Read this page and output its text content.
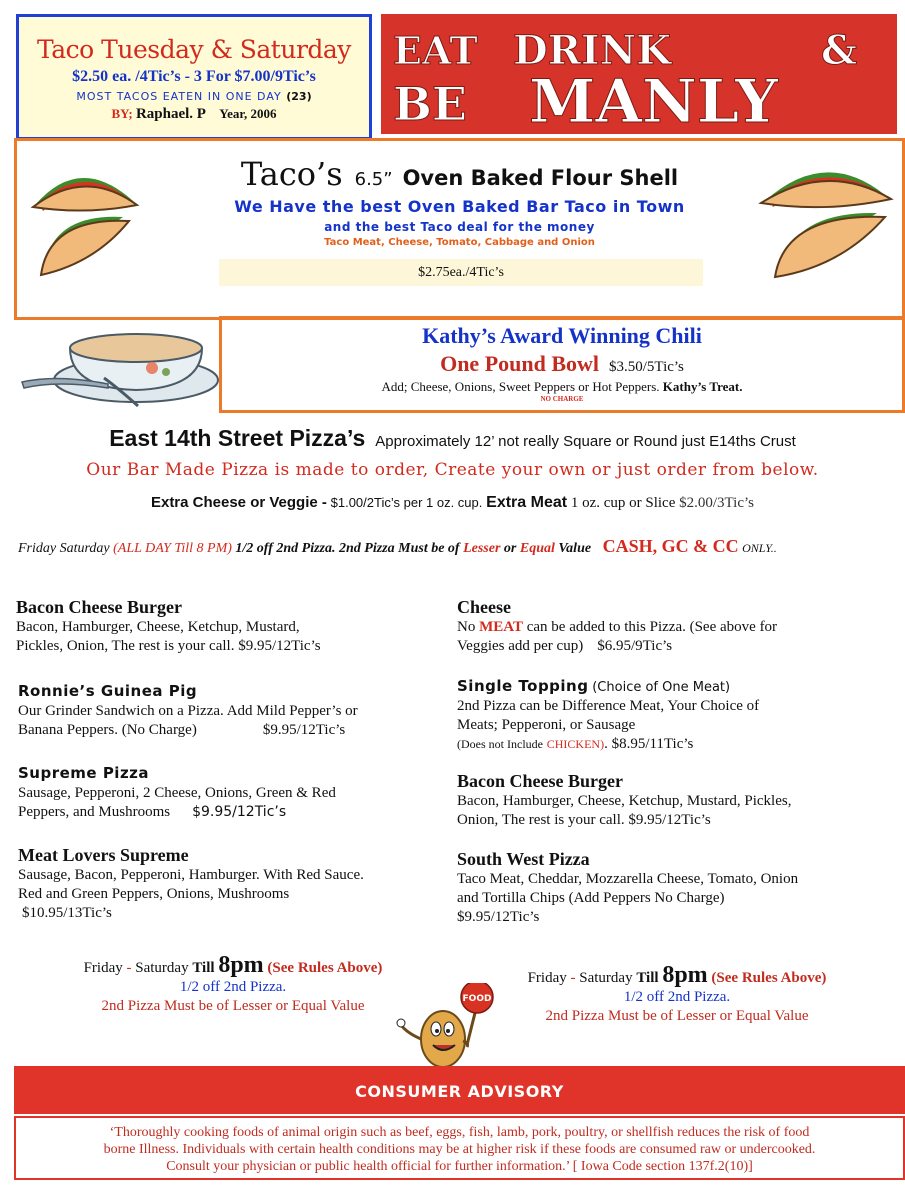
Taco Tuesday & Saturday
$2.50 ea. /4Tic’s - 3 For $7.00/9Tic’s
MOST TACOS EATEN IN ONE DAY (23)
BY; Raphael. P Year, 2006
EAT DRINK	&
BE MANLY
Taco’s 6.5” Oven Baked Flour Shell
We Have the best Oven Baked Bar Taco in Town
and the best Taco deal for the money
Taco Meat, Cheese, Tomato, Cabbage and Onion
$2.75ea./4Tic’s
Kathy’s Award Winning Chili
One Pound Bowl $3.50/5Tic’s
Add; Cheese, Onions, Sweet Peppers or Hot Peppers. Kathy’s Treat.
NO CHARGE
East 14th Street Pizza’s Approximately 12’ not really Square or Round just E14ths Crust
Our Bar Made Pizza is made to order, Create your own or just order from below.
Extra Cheese or Veggie - $1.00/2Tic’s per 1 oz. cup. Extra Meat 1 oz. cup or Slice $2.00/3Tic’s
Friday Saturday (ALL DAY Till 8 PM) 1/2 off 2nd Pizza. 2nd Pizza Must be of Lesser or Equal Value CASH, GC & CC ONLY..
Bacon Cheese Burger
Bacon, Hamburger, Cheese, Ketchup, Mustard,
Pickles, Onion, The rest is your call. $9.95/12Tic’s
Ronnie’s Guinea Pig
Our Grinder Sandwich on a Pizza. Add Mild Pepper’s or
Banana Peppers. (No Charge)	$9.95/12Tic’s
Supreme Pizza
Sausage, Pepperoni, 2 Cheese, Onions, Green & Red
Peppers, and Mushrooms $9.95/12Tic’s
Meat Lovers Supreme
Sausage, Bacon, Pepperoni, Hamburger. With Red Sauce.
Red and Green Peppers, Onions, Mushrooms
$10.95/13Tic’s
Cheese
No MEAT can be added to this Pizza. (See above for
Veggies add per cup) $6.95/9Tic’s
Single Topping (Choice of One Meat)
2nd Pizza can be Difference Meat, Your Choice of
Meats; Pepperoni, or Sausage
(Does not Include CHICKEN). $8.95/11Tic’s
Bacon Cheese Burger
Bacon, Hamburger, Cheese, Ketchup, Mustard, Pickles,
Onion, The rest is your call. $9.95/12Tic’s
South West Pizza
Taco Meat, Cheddar, Mozzarella Cheese, Tomato, Onion
and Tortilla Chips (Add Peppers No Charge)
$9.95/12Tic’s
Friday - Saturday Till 8pm (See Rules Above)
1/2 off 2nd Pizza.
2nd Pizza Must be of Lesser or Equal Value
Friday - Saturday Till 8pm (See Rules Above)
1/2 off 2nd Pizza.
2nd Pizza Must be of Lesser or Equal Value
FOOD
CONSUMER ADVISORY
‘Thoroughly cooking foods of animal origin such as beef, eggs, fish, lamb, pork, poultry, or shellfish reduces the risk of food
borne Illness. Individuals with certain health conditions may be at higher risk if these foods are consumed raw or undercooked.
Consult your physician or public health official for further information.’ [ Iowa Code section 137f.2(10)]
